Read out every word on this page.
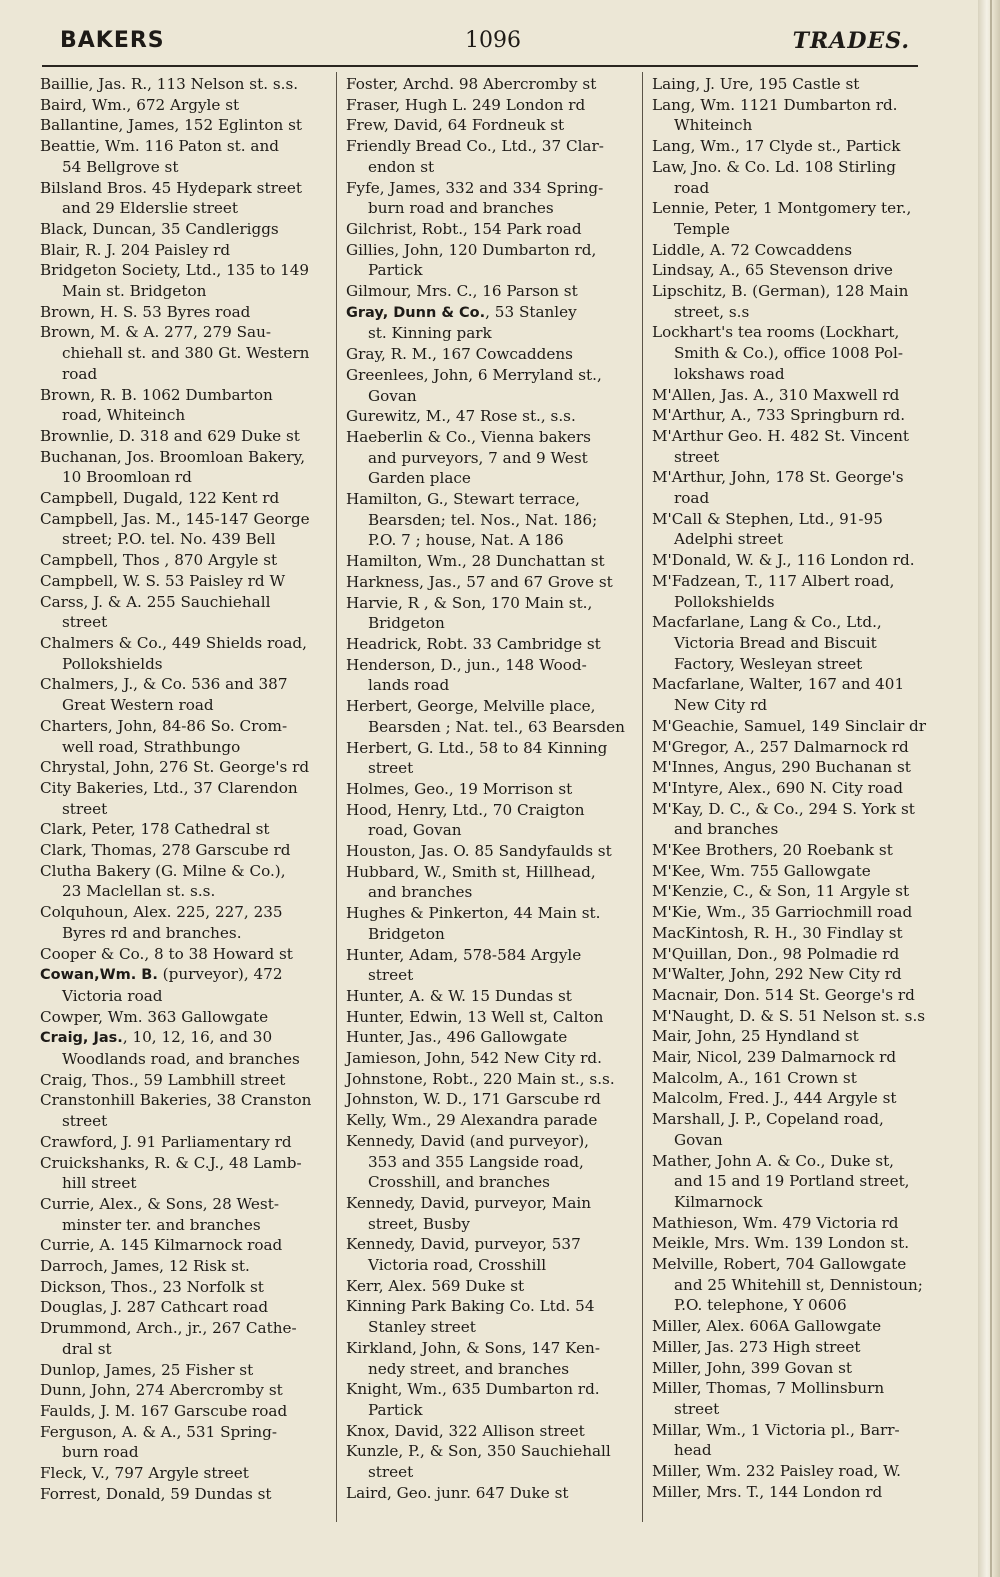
BAKERS	1096	TRADES.
Baillie, Jas. R., 113 Nelson st. s.s.
Baird, Wm., 672 Argyle st
Ballantine, James, 152 Eglinton st
Beattie, Wm. 116 Paton st. and
54 Bellgrove st
Bilsland Bros. 45 Hydepark street
and 29 Elderslie street
Black, Duncan, 35 Candleriggs
Blair, R. J. 204 Paisley rd
Bridgeton Society, Ltd., 135 to 149
Main st. Bridgeton
Brown, H. S. 53 Byres road
Brown, M. & A. 277, 279 Sau-
chiehall st. and 380 Gt. Western
road
Brown, R. B. 1062 Dumbarton
road, Whiteinch
Brownlie, D. 318 and 629 Duke st
Buchanan, Jos. Broomloan Bakery,
10 Broomloan rd
Campbell, Dugald, 122 Kent rd
Campbell, Jas. M., 145-147 George
street; P.O. tel. No. 439 Bell
Campbell, Thos , 870 Argyle st
Campbell, W. S. 53 Paisley rd W
Carss, J. & A. 255 Sauchiehall
street
Chalmers & Co., 449 Shields road,
Pollokshields
Chalmers, J., & Co. 536 and 387
Great Western road
Charters, John, 84-86 So. Crom-
well road, Strathbungo
Chrystal, John, 276 St. George's rd
City Bakeries, Ltd., 37 Clarendon
street
Clark, Peter, 178 Cathedral st
Clark, Thomas, 278 Garscube rd
Clutha Bakery (G. Milne & Co.),
23 Maclellan st. s.s.
Colquhoun, Alex. 225, 227, 235
Byres rd and branches.
Cooper & Co., 8 to 38 Howard st
Cowan,Wm. B. (purveyor), 472
Victoria road
Cowper, Wm. 363 Gallowgate
Craig, Jas., 10, 12, 16, and 30
Woodlands road, and branches
Craig, Thos., 59 Lambhill street
Cranstonhill Bakeries, 38 Cranston
street
Crawford, J. 91 Parliamentary rd
Cruickshanks, R. & C.J., 48 Lamb-
hill street
Currie, Alex., & Sons, 28 West-
minster ter. and branches
Currie, A. 145 Kilmarnock road
Darroch, James, 12 Risk st.
Dickson, Thos., 23 Norfolk st
Douglas, J. 287 Cathcart road
Drummond, Arch., jr., 267 Cathe-
dral st
Dunlop, James, 25 Fisher st
Dunn, John, 274 Abercromby st
Faulds, J. M. 167 Garscube road
Ferguson, A. & A., 531 Spring-
burn road
Fleck, V., 797 Argyle street
Forrest, Donald, 59 Dundas st
Foster, Archd. 98 Abercromby st
Fraser, Hugh L. 249 London rd
Frew, David, 64 Fordneuk st
Friendly Bread Co., Ltd., 37 Clar-
endon st
Fyfe, James, 332 and 334 Spring-
burn road and branches
Gilchrist, Robt., 154 Park road
Gillies, John, 120 Dumbarton rd,
Partick
Gilmour, Mrs. C., 16 Parson st
Gray, Dunn & Co., 53 Stanley
st. Kinning park
Gray, R. M., 167 Cowcaddens
Greenlees, John, 6 Merryland st.,
Govan
Gurewitz, M., 47 Rose st., s.s.
Haeberlin & Co., Vienna bakers
and purveyors, 7 and 9 West
Garden place
Hamilton, G., Stewart terrace,
Bearsden; tel. Nos., Nat. 186;
P.O. 7 ; house, Nat. A 186
Hamilton, Wm., 28 Dunchattan st
Harkness, Jas., 57 and 67 Grove st
Harvie, R , & Son, 170 Main st.,
Bridgeton
Headrick, Robt. 33 Cambridge st
Henderson, D., jun., 148 Wood-
lands road
Herbert, George, Melville place,
Bearsden ; Nat. tel., 63 Bearsden
Herbert, G. Ltd., 58 to 84 Kinning
street
Holmes, Geo., 19 Morrison st
Hood, Henry, Ltd., 70 Craigton
road, Govan
Houston, Jas. O. 85 Sandyfaulds st
Hubbard, W., Smith st, Hillhead,
and branches
Hughes & Pinkerton, 44 Main st.
Bridgeton
Hunter, Adam, 578-584 Argyle
street
Hunter, A. & W. 15 Dundas st
Hunter, Edwin, 13 Well st, Calton
Hunter, Jas., 496 Gallowgate
Jamieson, John, 542 New City rd.
Johnstone, Robt., 220 Main st., s.s.
Johnston, W. D., 171 Garscube rd
Kelly, Wm., 29 Alexandra parade
Kennedy, David (and purveyor),
353 and 355 Langside road,
Crosshill, and branches
Kennedy, David, purveyor, Main
street, Busby
Kennedy, David, purveyor, 537
Victoria road, Crosshill
Kerr, Alex. 569 Duke st
Kinning Park Baking Co. Ltd. 54
Stanley street
Kirkland, John, & Sons, 147 Ken-
nedy street, and branches
Knight, Wm., 635 Dumbarton rd.
Partick
Knox, David, 322 Allison street
Kunzle, P., & Son, 350 Sauchiehall
street
Laird, Geo. junr. 647 Duke st
Laing, J. Ure, 195 Castle st
Lang, Wm. 1121 Dumbarton rd.
Whiteinch
Lang, Wm., 17 Clyde st., Partick
Law, Jno. & Co. Ld. 108 Stirling
road
Lennie, Peter, 1 Montgomery ter.,
Temple
Liddle, A. 72 Cowcaddens
Lindsay, A., 65 Stevenson drive
Lipschitz, B. (German), 128 Main
street, s.s
Lockhart's tea rooms (Lockhart,
Smith & Co.), office 1008 Pol-
lokshaws road
M'Allen, Jas. A., 310 Maxwell rd
M'Arthur, A., 733 Springburn rd.
M'Arthur Geo. H. 482 St. Vincent
street
M'Arthur, John, 178 St. George's
road
M'Call & Stephen, Ltd., 91-95
Adelphi street
M'Donald, W. & J., 116 London rd.
M'Fadzean, T., 117 Albert road,
Pollokshields
Macfarlane, Lang & Co., Ltd.,
Victoria Bread and Biscuit
Factory, Wesleyan street
Macfarlane, Walter, 167 and 401
New City rd
M'Geachie, Samuel, 149 Sinclair dr
M'Gregor, A., 257 Dalmarnock rd
M'Innes, Angus, 290 Buchanan st
M'Intyre, Alex., 690 N. City road
M'Kay, D. C., & Co., 294 S. York st
and branches
M'Kee Brothers, 20 Roebank st
M'Kee, Wm. 755 Gallowgate
M'Kenzie, C., & Son, 11 Argyle st
M'Kie, Wm., 35 Garriochmill road
MacKintosh, R. H., 30 Findlay st
M'Quillan, Don., 98 Polmadie rd
M'Walter, John, 292 New City rd
Macnair, Don. 514 St. George's rd
M'Naught, D. & S. 51 Nelson st. s.s
Mair, John, 25 Hyndland st
Mair, Nicol, 239 Dalmarnock rd
Malcolm, A., 161 Crown st
Malcolm, Fred. J., 444 Argyle st
Marshall, J. P., Copeland road,
Govan
Mather, John A. & Co., Duke st,
and 15 and 19 Portland street,
Kilmarnock
Mathieson, Wm. 479 Victoria rd
Meikle, Mrs. Wm. 139 London st.
Melville, Robert, 704 Gallowgate
and 25 Whitehill st, Dennistoun;
P.O. telephone, Y 0606
Miller, Alex. 606A Gallowgate
Miller, Jas. 273 High street
Miller, John, 399 Govan st
Miller, Thomas, 7 Mollinsburn
street
Millar, Wm., 1 Victoria pl., Barr-
head
Miller, Wm. 232 Paisley road, W.
Miller, Mrs. T., 144 London rd
